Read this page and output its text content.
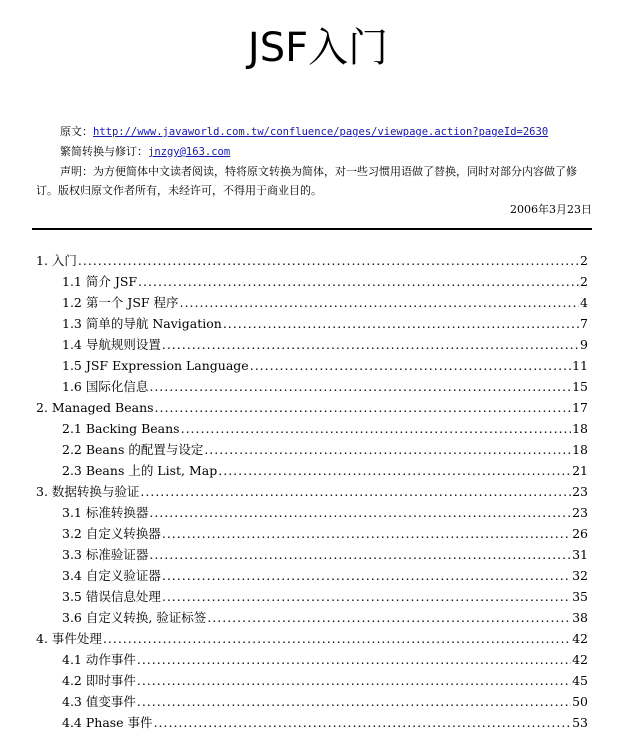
JSF入门
原文：http://www.javaworld.com.tw/confluence/pages/viewpage.action?pageId=2630
繁简转换与修订：jnzgy@163.com
声明：为方便简体中文读者阅读，特将原文转换为简体，对一些习惯用语做了替换，同时对部分内容做了修订。版权归原文作者所有，未经许可，不得用于商业目的。
2006年3月23日
1. 入门 .....	2
1.1 简介 JSF .....	2
1.2 第一个 JSF 程序 .....	4
1.3 简单的导航 Navigation .....	7
1.4 导航规则设置 .....	9
1.5 JSF Expression Language .....	11
1.6 国际化信息 .....	15
2. Managed Beans .....	17
2.1 Backing Beans .....	18
2.2 Beans 的配置与设定 .....	18
2.3 Beans 上的 List, Map .....	21
3. 数据转换与验证 .....	23
3.1 标准转换器 .....	23
3.2 自定义转换器 .....	26
3.3 标准验证器 .....	31
3.4 自定义验证器 .....	32
3.5 错误信息处理 .....	35
3.6 自定义转换, 验证标签 .....	38
4. 事件处理 .....	42
4.1 动作事件 .....	42
4.2 即时事件 .....	45
4.3 值变事件 .....	50
4.4 Phase 事件 .....	53
